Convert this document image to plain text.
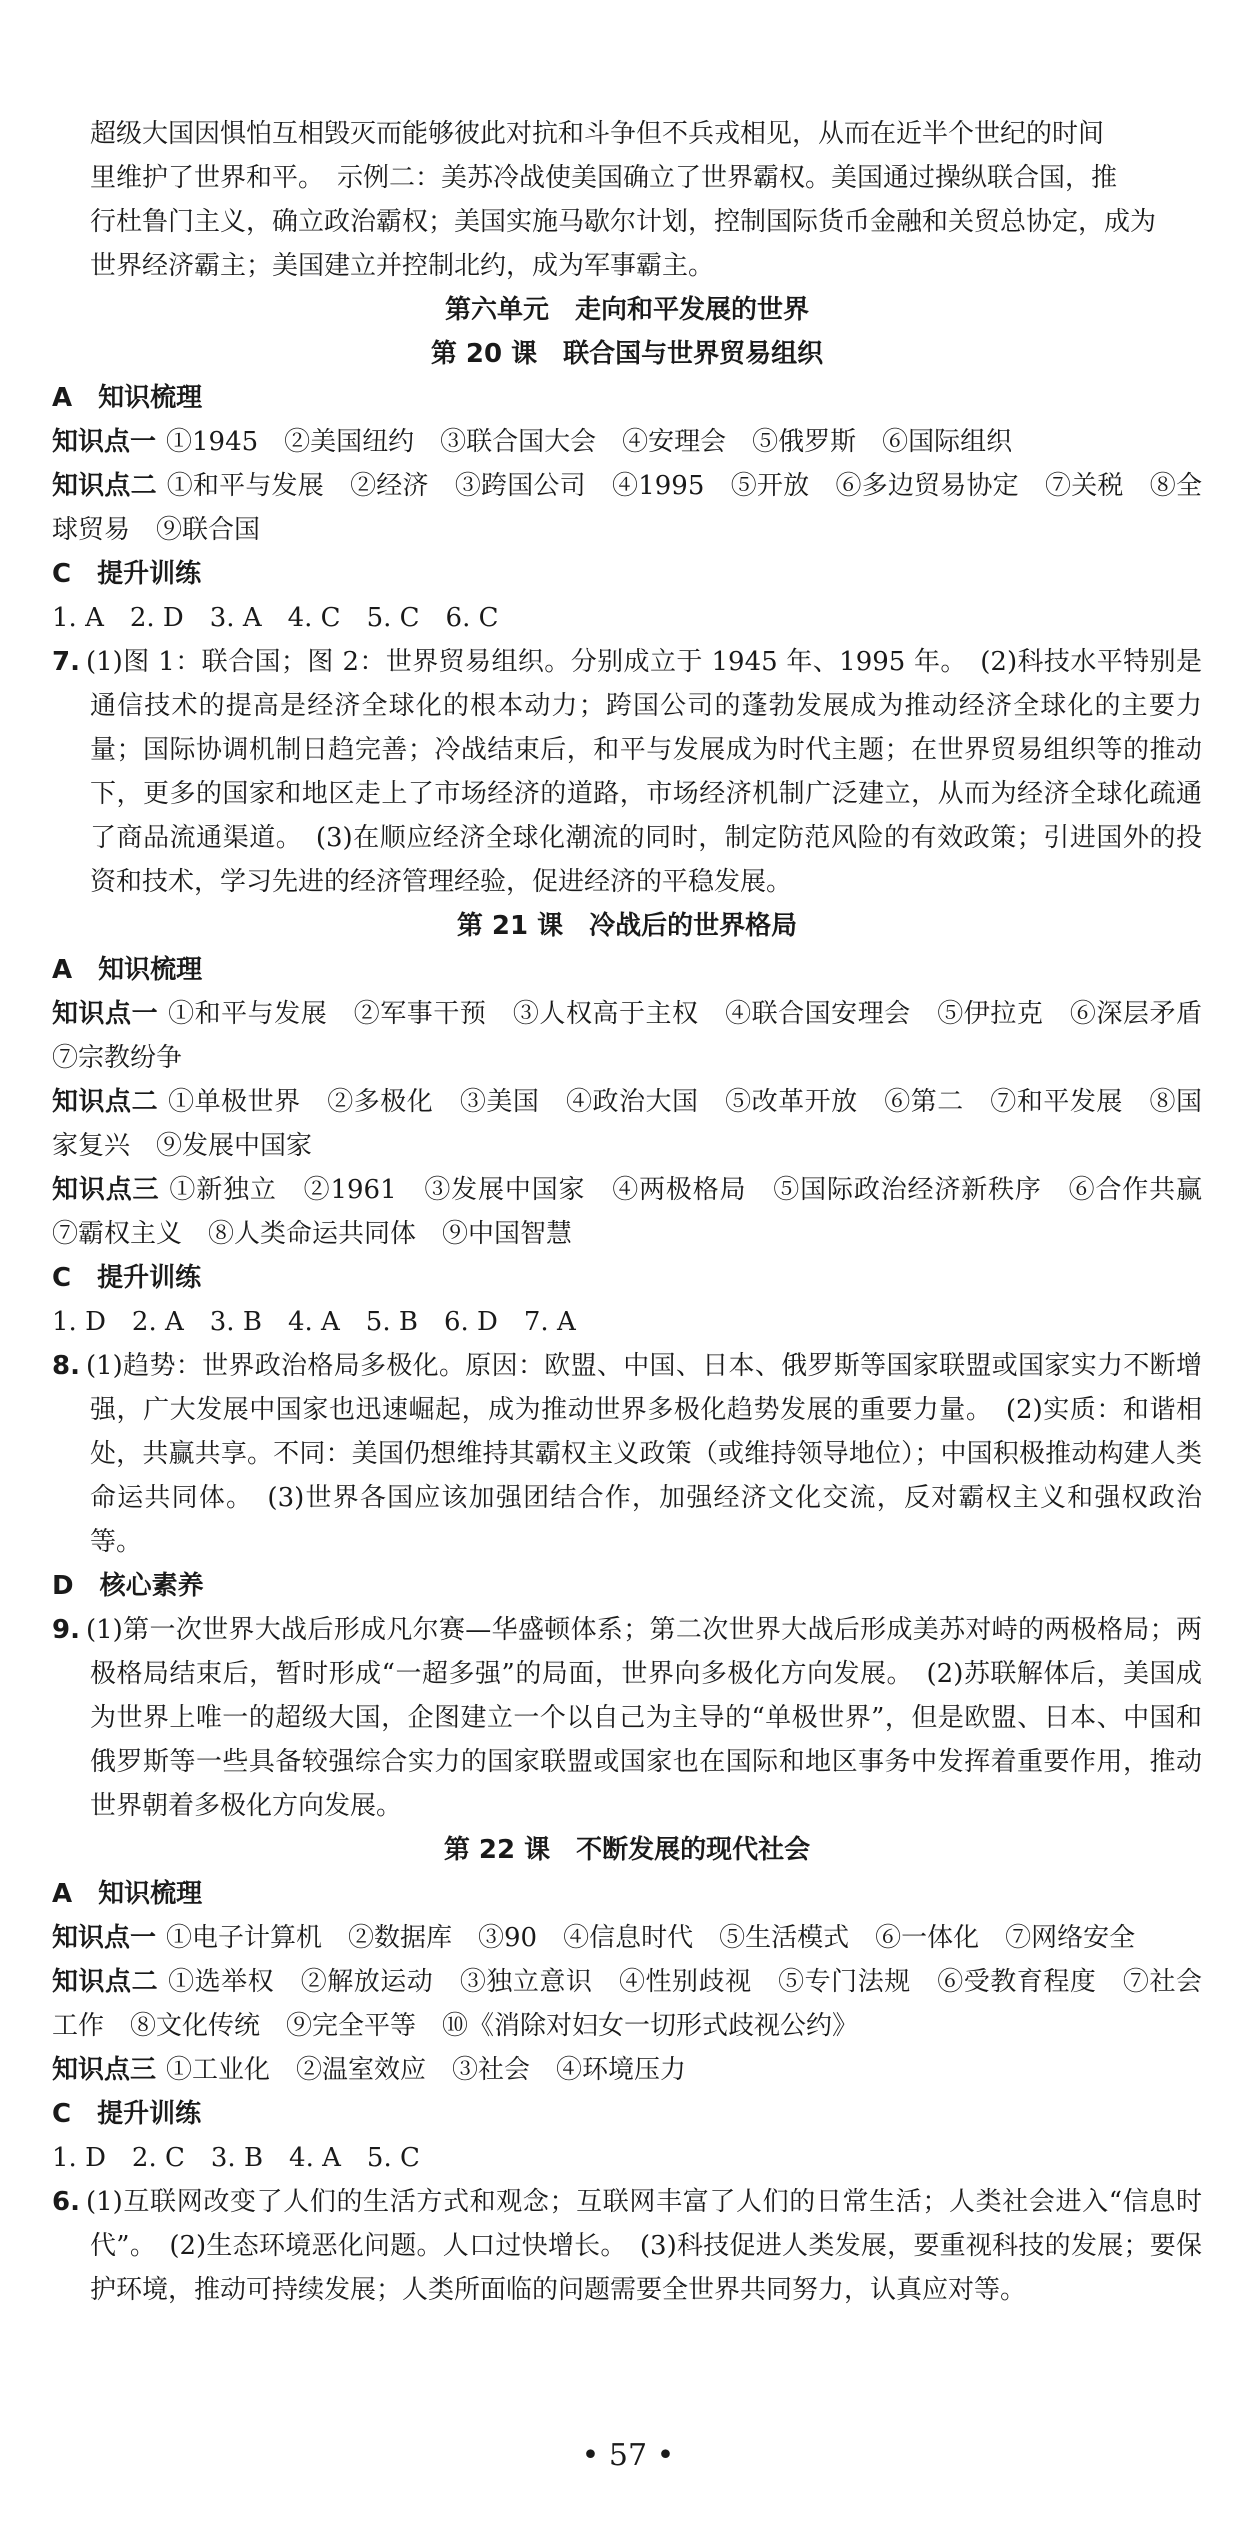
超级大国因惧怕互相毁灭而能够彼此对抗和斗争但不兵戎相见，从而在近半个世纪的时间

里维护了世界和平。　示例二：美苏冷战使美国确立了世界霸权。美国通过操纵联合国，推

行杜鲁门主义，确立政治霸权；美国实施马歇尔计划，控制国际货币金融和关贸总协定，成为

世界经济霸主；美国建立并控制北约，成为军事霸主。

第六单元　走向和平发展的世界

第 20 课　联合国与世界贸易组织

A　知识梳理

知识点一 ①1945　②美国纽约　③联合国大会　④安理会　⑤俄罗斯　⑥国际组织

知识点二 ①和平与发展　②经济　③跨国公司　④1995　⑤开放　⑥多边贸易协定　⑦关税　⑧全球贸易　⑨联合国

C　提升训练

1. A　2. D　3. A　4. C　5. C　6. C

7. (1)图 1：联合国；图 2：世界贸易组织。分别成立于 1945 年、1995 年。　(2)科技水平特别是通信技术的提高是经济全球化的根本动力；跨国公司的蓬勃发展成为推动经济全球化的主要力量；国际协调机制日趋完善；冷战结束后，和平与发展成为时代主题；在世界贸易组织等的推动下，更多的国家和地区走上了市场经济的道路，市场经济机制广泛建立，从而为经济全球化疏通了商品流通渠道。　(3)在顺应经济全球化潮流的同时，制定防范风险的有效政策；引进国外的投资和技术，学习先进的经济管理经验，促进经济的平稳发展。

第 21 课　冷战后的世界格局

A　知识梳理

知识点一 ①和平与发展　②军事干预　③人权高于主权　④联合国安理会　⑤伊拉克　⑥深层矛盾　⑦宗教纷争

知识点二 ①单极世界　②多极化　③美国　④政治大国　⑤改革开放　⑥第二　⑦和平发展　⑧国家复兴　⑨发展中国家

知识点三 ①新独立　②1961　③发展中国家　④两极格局　⑤国际政治经济新秩序　⑥合作共赢　⑦霸权主义　⑧人类命运共同体　⑨中国智慧

C　提升训练

1. D　2. A　3. B　4. A　5. B　6. D　7. A

8. (1)趋势：世界政治格局多极化。原因：欧盟、中国、日本、俄罗斯等国家联盟或国家实力不断增强，广大发展中国家也迅速崛起，成为推动世界多极化趋势发展的重要力量。　(2)实质：和谐相处，共赢共享。不同：美国仍想维持其霸权主义政策（或维持领导地位）；中国积极推动构建人类命运共同体。　(3)世界各国应该加强团结合作，加强经济文化交流，反对霸权主义和强权政治等。

D　核心素养

9. (1)第一次世界大战后形成凡尔赛—华盛顿体系；第二次世界大战后形成美苏对峙的两极格局；两极格局结束后，暂时形成“一超多强”的局面，世界向多极化方向发展。　(2)苏联解体后，美国成为世界上唯一的超级大国，企图建立一个以自己为主导的“单极世界”，但是欧盟、日本、中国和俄罗斯等一些具备较强综合实力的国家联盟或国家也在国际和地区事务中发挥着重要作用，推动世界朝着多极化方向发展。

第 22 课　不断发展的现代社会

A　知识梳理

知识点一 ①电子计算机　②数据库　③90　④信息时代　⑤生活模式　⑥一体化　⑦网络安全

知识点二 ①选举权　②解放运动　③独立意识　④性别歧视　⑤专门法规　⑥受教育程度　⑦社会工作　⑧文化传统　⑨完全平等　⑩《消除对妇女一切形式歧视公约》

知识点三 ①工业化　②温室效应　③社会　④环境压力

C　提升训练

1. D　2. C　3. B　4. A　5. C

6. (1)互联网改变了人们的生活方式和观念；互联网丰富了人们的日常生活；人类社会进入“信息时代”。　(2)生态环境恶化问题。人口过快增长。　(3)科技促进人类发展，要重视科技的发展；要保护环境，推动可持续发展；人类所面临的问题需要全世界共同努力，认真应对等。

• 57 •
